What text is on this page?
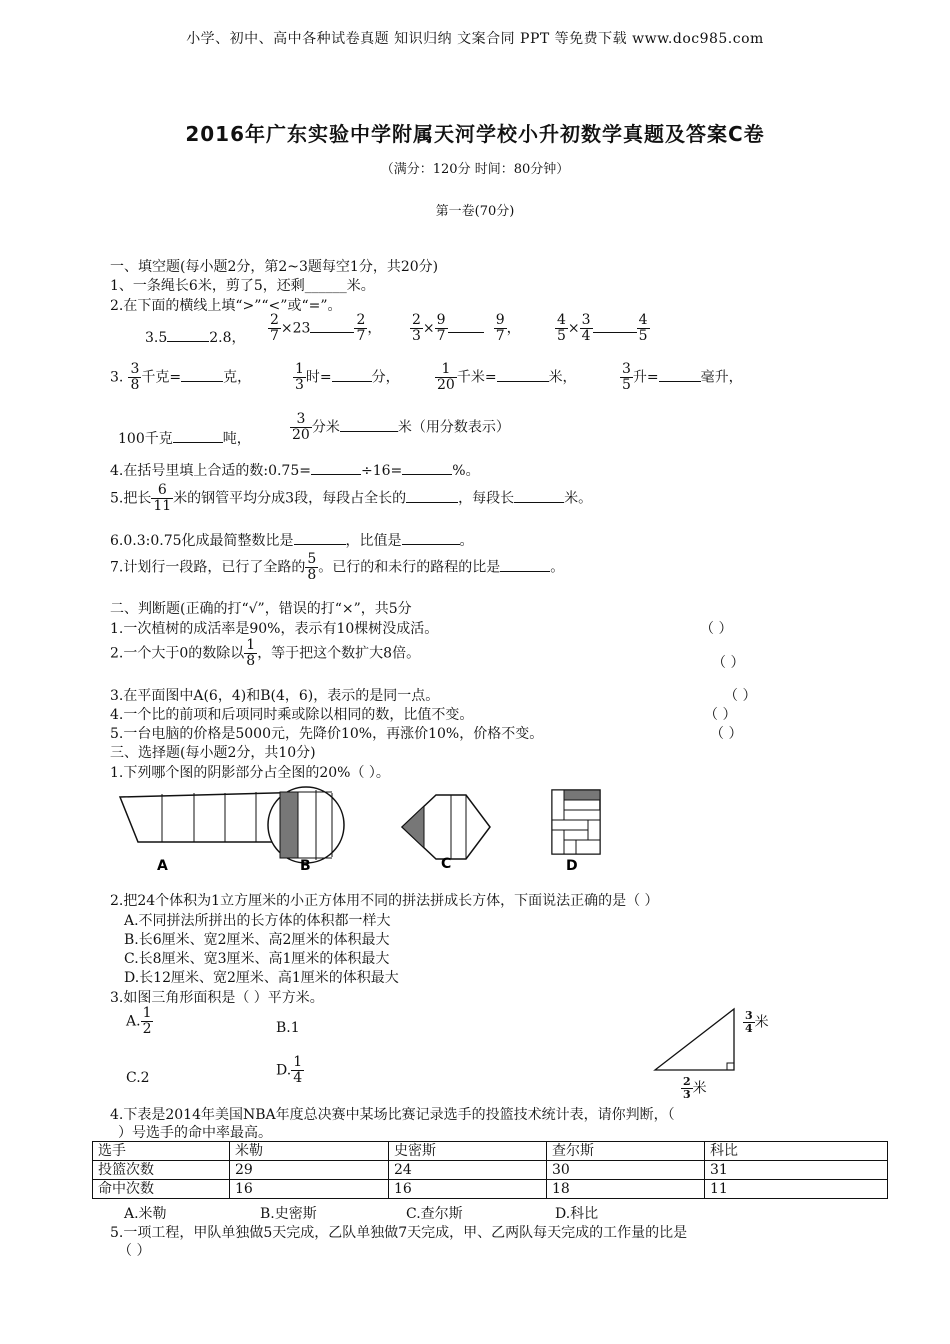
小学、初中、高中各种试卷真题 知识归纳 文案合同 PPT 等免费下载 www.doc985.com
2016年广东实验中学附属天河学校小升初数学真题及答案C卷
（满分：120分 时间：80分钟）
第一卷(70分)
一、填空题(每小题2分，第2~3题每空1分，共20分)
1、一条绳长6米，剪了5，还剩______米。
2.在下面的横线上填“>”“<”或“=”。
3.5	2.8， $\frac{2}{7} \times 23$	$\frac{2}{7}$ ， $\frac{2}{3} \times \frac{9}{7}$
	$\frac{9}{7}$ ， $\frac{4}{5} \times \frac{3}{4}$	$\frac{4}{5}$
3. $\frac{3}{8}$ 千克=	克，	$\frac{1}{3}$ 时=	分，	$\frac{1}{20}$ 千米=	米，	$\frac{3}{5}$ 升=	毫升，
100千克	吨，	$\frac{3}{20}$ 分米	米（用分数表示）
4.在括号里填上合适的数:0.75=	÷16=	%。
5.把长 $\frac{6}{11}$ 米的钢管平均分成3段，每段占全长的	，每段长	米。
6.0.3:0.75化成最简整数比是	，比值是	。
7.计划行一段路，已行了全路的 $\frac{5}{8}$ 。已行的和未行的路程的比是	。
二、判断题(正确的打“√”，错误的打“×”，共5分
1.一次植树的成活率是90%，表示有10棵树没成活。	（ ）
2.一个大于0的数除以 $\frac{1}{8}$ ，等于把这个数扩大8倍。
（ ）
3.在平面图中A(6，4)和B(4，6)，表示的是同一点。	（ ）
4.一个比的前项和后项同时乘或除以相同的数，比值不变。	（ ）
5.一台电脑的价格是5000元，先降价10%，再涨价10%，价格不变。	（ ）
三、选择题(每小题2分，共10分)
1.下列哪个图的阴影部分占全图的20%（ ）。
A	B	C	D
2.把24个体积为1立方厘米的小正方体用不同的拼法拼成长方体，下面说法正确的是（ ）
A.不同拼法所拼出的长方体的体积都一样大
B.长6厘米、宽2厘米、高2厘米的体积最大
C.长8厘米、宽3厘米、高1厘米的体积最大
D.长12厘米、宽2厘米、高1厘米的体积最大
3.如图三角形面积是（ ）平方米。
A. $\frac{1}{2}$	B.1
C.2	D. $\frac{1}{4}$
$\frac{3}{4}$ 米
$\frac{2}{3}$ 米
4.下表是2014年美国NBA年度总决赛中某场比赛记录选手的投篮技术统计表，请你判断，（
）号选手的命中率最高。
选手	米勒	史密斯	查尔斯	科比
投篮次数	29	24	30	31
命中次数	16	16	18	11
A.米勒	B.史密斯	C.查尔斯	D.科比
5.一项工程，甲队单独做5天完成，乙队单独做7天完成，甲、乙两队每天完成的工作量的比是
（ ）
